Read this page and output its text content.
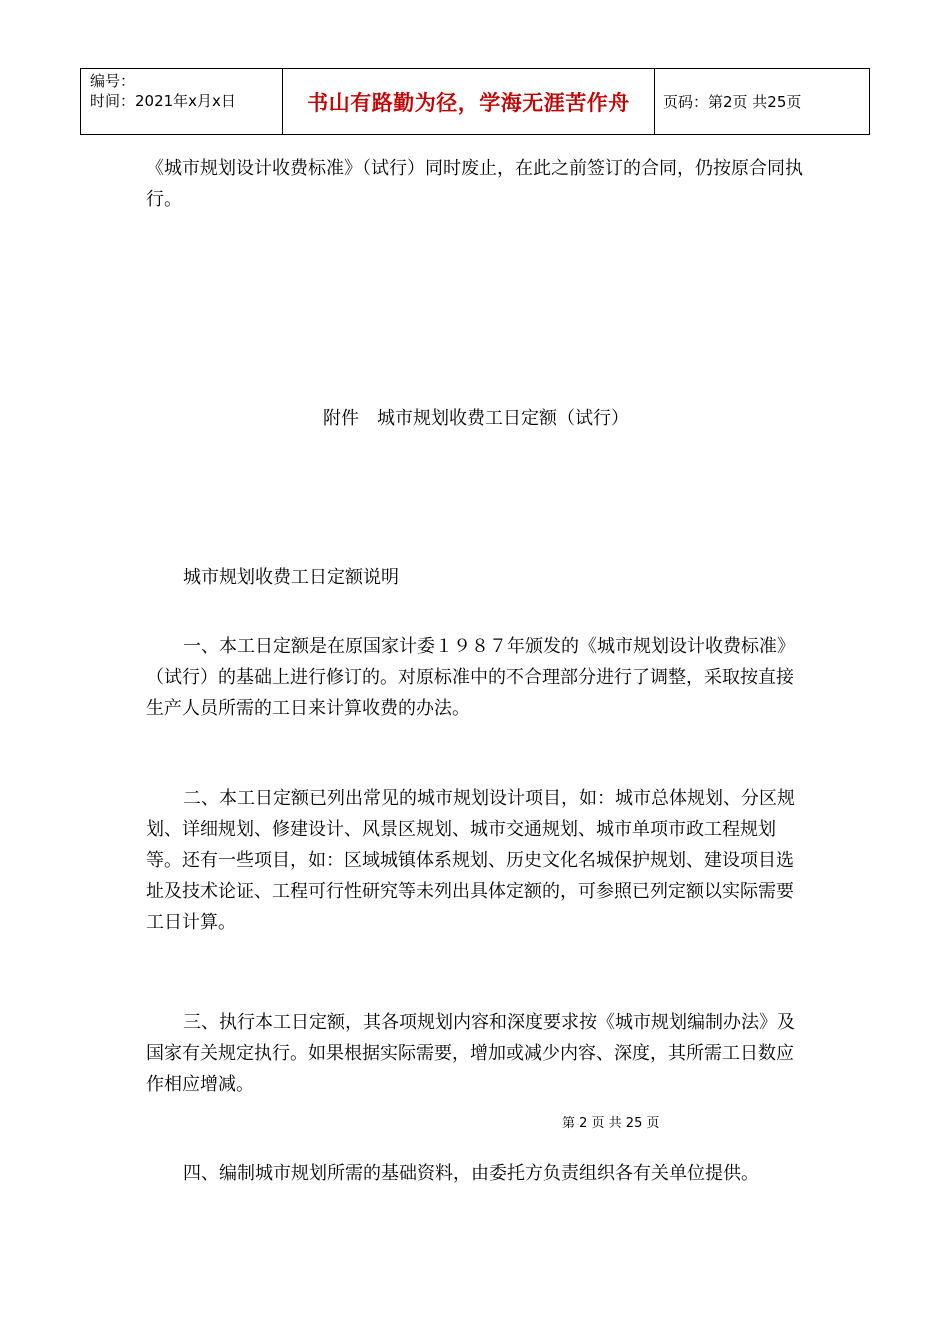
编号：
时间：2021年x月x日	书山有路勤为径，学海无涯苦作舟	页码：第2页 共25页

《城市规划设计收费标准》（试行）同时废止，在此之前签订的合同，仍按原合同执行。

附件　城市规划收费工日定额（试行）

城市规划收费工日定额说明

一、本工日定额是在原国家计委１９８７年颁发的《城市规划设计收费标准》（试行）的基础上进行修订的。对原标准中的不合理部分进行了调整，采取按直接生产人员所需的工日来计算收费的办法。

二、本工日定额已列出常见的城市规划设计项目，如：城市总体规划、分区规划、详细规划、修建设计、风景区规划、城市交通规划、城市单项市政工程规划等。还有一些项目，如：区域城镇体系规划、历史文化名城保护规划、建设项目选址及技术论证、工程可行性研究等未列出具体定额的，可参照已列定额以实际需要工日计算。

三、执行本工日定额，其各项规划内容和深度要求按《城市规划编制办法》及国家有关规定执行。如果根据实际需要，增加或减少内容、深度，其所需工日数应作相应增减。

第 2 页 共 25 页

四、编制城市规划所需的基础资料，由委托方负责组织各有关单位提供。
